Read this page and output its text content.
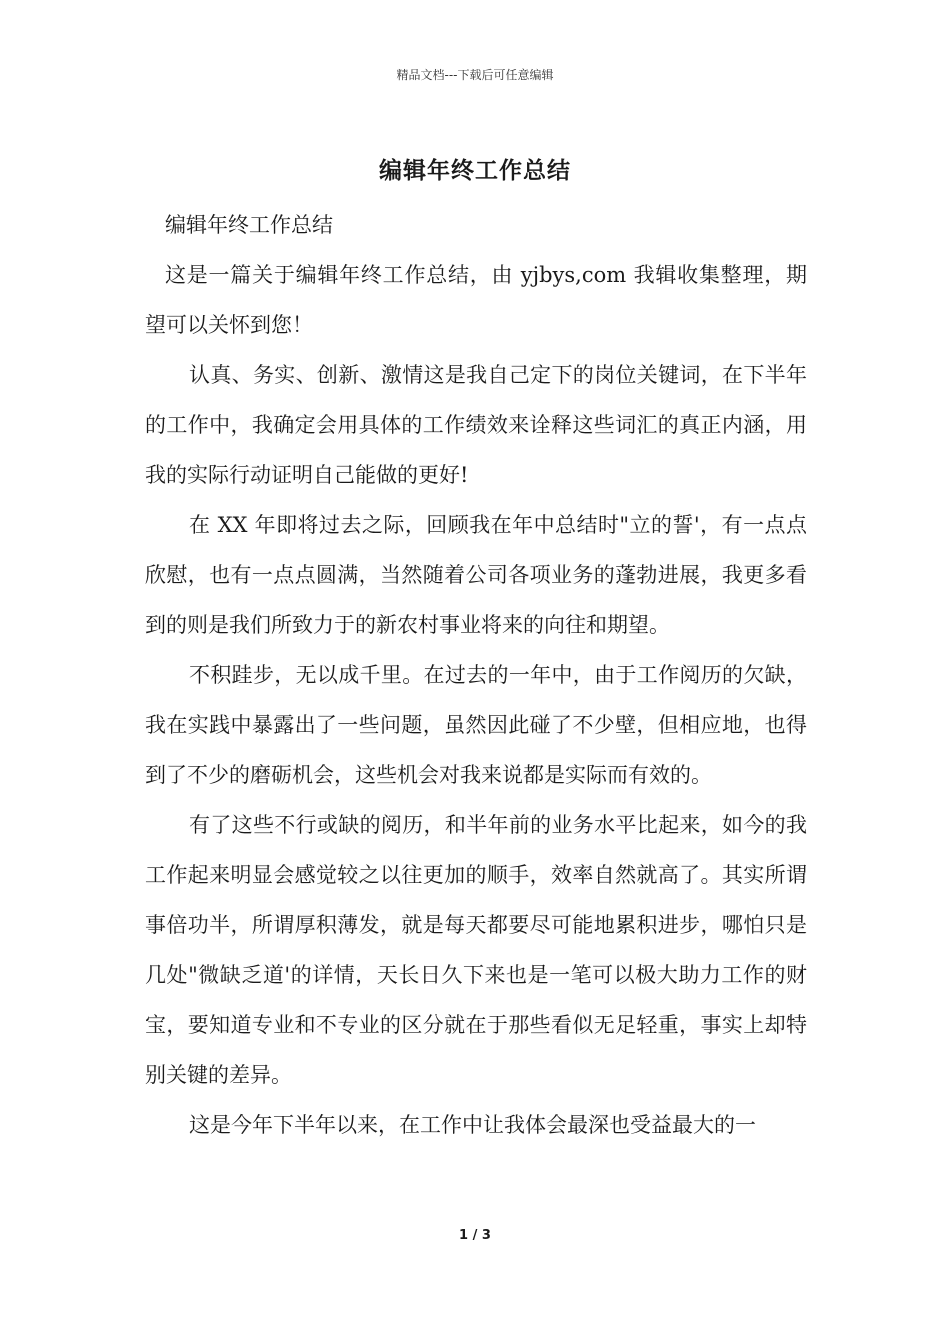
精品文档---下载后可任意编辑
编辑年终工作总结

编辑年终工作总结

这是一篇关于编辑年终工作总结，由 yjbys,com 我辑收集整理，期望可以关怀到您！

认真、务实、创新、激情这是我自己定下的岗位关键词，在下半年的工作中，我确定会用具体的工作绩效来诠释这些词汇的真正内涵，用我的实际行动证明自己能做的更好!

在 XX 年即将过去之际，回顾我在年中总结时"立的誓'，有一点点欣慰，也有一点点圆满，当然随着公司各项业务的蓬勃进展，我更多看到的则是我们所致力于的新农村事业将来的向往和期望。

不积跬步，无以成千里。在过去的一年中，由于工作阅历的欠缺，我在实践中暴露出了一些问题，虽然因此碰了不少壁，但相应地，也得到了不少的磨砺机会，这些机会对我来说都是实际而有效的。

有了这些不行或缺的阅历，和半年前的业务水平比起来，如今的我工作起来明显会感觉较之以往更加的顺手，效率自然就高了。其实所谓事倍功半，所谓厚积薄发，就是每天都要尽可能地累积进步，哪怕只是几处"微缺乏道'的详情，天长日久下来也是一笔可以极大助力工作的财宝，要知道专业和不专业的区分就在于那些看似无足轻重，事实上却特别关键的差异。

这是今年下半年以来，在工作中让我体会最深也受益最大的一

1 / 3
